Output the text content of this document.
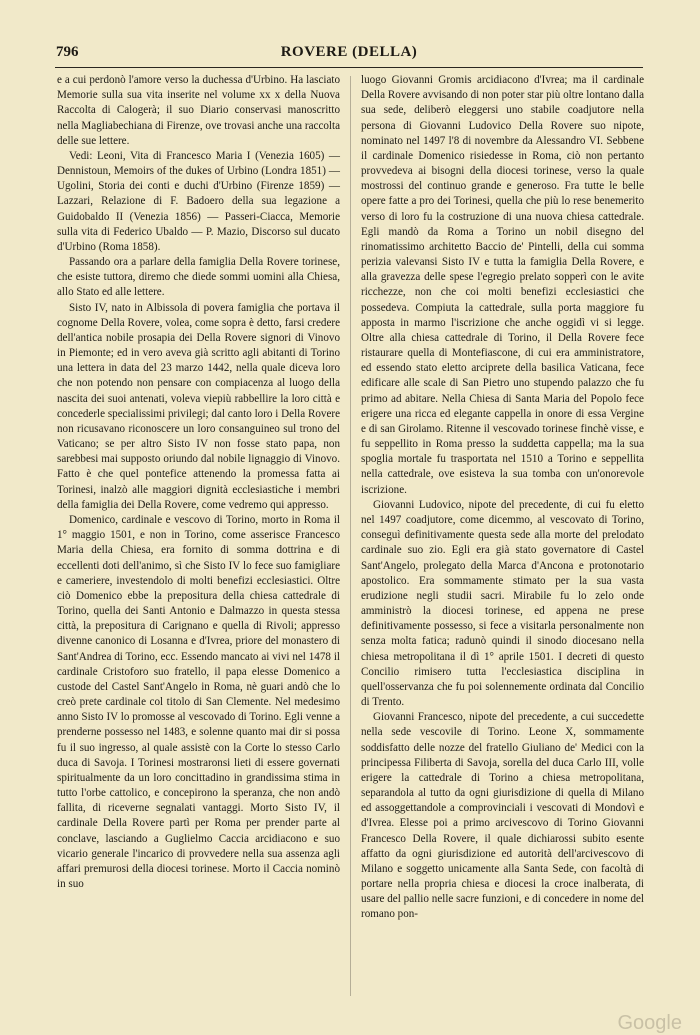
796	ROVERE (DELLA)

e a cui perdonò l'amore verso la duchessa d'Urbino. Ha lasciato Memorie sulla sua vita inserite nel volume xx x della Nuova Raccolta di Calogerà; il suo Diario conservasi manoscritto nella Magliabechiana di Firenze, ove trovasi anche una raccolta delle sue lettere.

Vedi: Leoni, Vita di Francesco Maria I (Venezia 1605) — Dennistoun, Memoirs of the dukes of Urbino (Londra 1851) — Ugolini, Storia dei conti e duchi d'Urbino (Firenze 1859) — Lazzari, Relazione di F. Badoero della sua legazione a Guidobaldo II (Venezia 1856) — Passeri-Ciacca, Memorie sulla vita di Federico Ubaldo — P. Mazio, Discorso sul ducato d'Urbino (Roma 1858).

Passando ora a parlare della famiglia Della Rovere torinese, che esiste tuttora, diremo che diede sommi uomini alla Chiesa, allo Stato ed alle lettere.

Sisto IV, nato in Albissola di povera famiglia che portava il cognome Della Rovere, volea, come sopra è detto, farsi credere dell'antica nobile prosapia dei Della Rovere signori di Vinovo in Piemonte; ed in vero aveva già scritto agli abitanti di Torino una lettera in data del 23 marzo 1442, nella quale diceva loro che non potendo non pensare con compiacenza al luogo della nascita dei suoi antenati, voleva viepiù rabbellire la loro città e concederle specialissimi privilegi; dal canto loro i Della Rovere non ricusavano riconoscere un loro consanguineo sul trono del Vaticano; se per altro Sisto IV non fosse stato papa, non sarebbesi mai supposto oriundo dal nobile lignaggio di Vinovo. Fatto è che quel pontefice attenendo la promessa fatta ai Torinesi, inalzò alle maggiori dignità ecclesiastiche i membri della famiglia dei Della Rovere, come vedremo qui appresso.

Domenico, cardinale e vescovo di Torino, morto in Roma il 1° maggio 1501, e non in Torino, come asserisce Francesco Maria della Chiesa, era fornito di somma dottrina e di eccellenti doti dell'animo, sì che Sisto IV lo fece suo famigliare e cameriere, investendolo di molti benefizi ecclesiastici. Oltre ciò Domenico ebbe la prepositura della chiesa cattedrale di Torino, quella dei Santi Antonio e Dalmazzo in questa stessa città, la prepositura di Carignano e quella di Rivoli; appresso divenne canonico di Losanna e d'Ivrea, priore del monastero di Sant'Andrea di Torino, ecc. Essendo mancato ai vivi nel 1478 il cardinale Cristoforo suo fratello, il papa elesse Domenico a custode del Castel Sant'Angelo in Roma, nè guari andò che lo creò prete cardinale col titolo di San Clemente. Nel medesimo anno Sisto IV lo promosse al vescovado di Torino. Egli venne a prenderne possesso nel 1483, e solenne quanto mai dir si possa fu il suo ingresso, al quale assistè con la Corte lo stesso Carlo duca di Savoja. I Torinesi mostraronsi lieti di essere governati spiritualmente da un loro concittadino in grandissima stima in tutto l'orbe cattolico, e concepirono la speranza, che non andò fallita, di riceverne segnalati vantaggi. Morto Sisto IV, il cardinale Della Rovere partì per Roma per prender parte al conclave, lasciando a Guglielmo Caccia arcidiacono e suo vicario generale l'incarico di provvedere nella sua assenza agli affari premurosi della diocesi torinese. Morto il Caccia nominò in suo

luogo Giovanni Gromis arcidiacono d'Ivrea; ma il cardinale Della Rovere avvisando di non poter star più oltre lontano dalla sua sede, deliberò eleggersi uno stabile coadjutore nella persona di Giovanni Ludovico Della Rovere suo nipote, nominato nel 1497 l'8 di novembre da Alessandro VI. Sebbene il cardinale Domenico risiedesse in Roma, ciò non pertanto provvedeva ai bisogni della diocesi torinese, verso la quale mostrossi del continuo grande e generoso. Fra tutte le belle opere fatte a pro dei Torinesi, quella che più lo rese benemerito verso di loro fu la costruzione di una nuova chiesa cattedrale. Egli mandò da Roma a Torino un nobil disegno del rinomatissimo architetto Baccio de' Pintelli, della cui somma perizia valevansi Sisto IV e tutta la famiglia Della Rovere, e alla gravezza delle spese l'egregio prelato sopperì con le avite ricchezze, non che coi molti benefizi ecclesiastici che possedeva. Compiuta la cattedrale, sulla porta maggiore fu apposta in marmo l'iscrizione che anche oggidì vi si legge. Oltre alla chiesa cattedrale di Torino, il Della Rovere fece ristaurare quella di Montefiascone, di cui era amministratore, ed essendo stato eletto arciprete della basilica Vaticana, fece edificare alle scale di San Pietro uno stupendo palazzo che fu primo ad abitare. Nella Chiesa di Santa Maria del Popolo fece erigere una ricca ed elegante cappella in onore di essa Vergine e di san Girolamo. Ritenne il vescovado torinese finchè visse, e fu seppellito in Roma presso la suddetta cappella; ma la sua spoglia mortale fu trasportata nel 1510 a Torino e seppellita nella cattedrale, ove esisteva la sua tomba con un'onorevole iscrizione.

Giovanni Ludovico, nipote del precedente, di cui fu eletto nel 1497 coadjutore, come dicemmo, al vescovato di Torino, conseguì definitivamente questa sede alla morte del prelodato cardinale suo zio. Egli era già stato governatore di Castel Sant'Angelo, prolegato della Marca d'Ancona e protonotario apostolico. Era sommamente stimato per la sua vasta erudizione negli studii sacri. Mirabile fu lo zelo onde amministrò la diocesi torinese, ed appena ne prese definitivamente possesso, si fece a visitarla personalmente non senza molta fatica; radunò quindi il sinodo diocesano nella chiesa metropolitana il dì 1° aprile 1501. I decreti di questo Concilio rimisero tutta l'ecclesiastica disciplina in quell'osservanza che fu poi solennemente ordinata dal Concilio di Trento.

Giovanni Francesco, nipote del precedente, a cui succedette nella sede vescovile di Torino. Leone X, sommamente soddisfatto delle nozze del fratello Giuliano de' Medici con la principessa Filiberta di Savoja, sorella del duca Carlo III, volle erigere la cattedrale di Torino a chiesa metropolitana, separandola al tutto da ogni giurisdizione di quella di Milano ed assoggettandole a comprovinciali i vescovati di Mondovì e d'Ivrea. Elesse poi a primo arcivescovo di Torino Giovanni Francesco Della Rovere, il quale dichiarossi subito esente affatto da ogni giurisdizione ed autorità dell'arcivescovo di Milano e soggetto unicamente alla Santa Sede, con facoltà di portare nella propria chiesa e diocesi la croce inalberata, di usare del pallio nelle sacre funzioni, e di concedere in nome del romano pon-

Google
